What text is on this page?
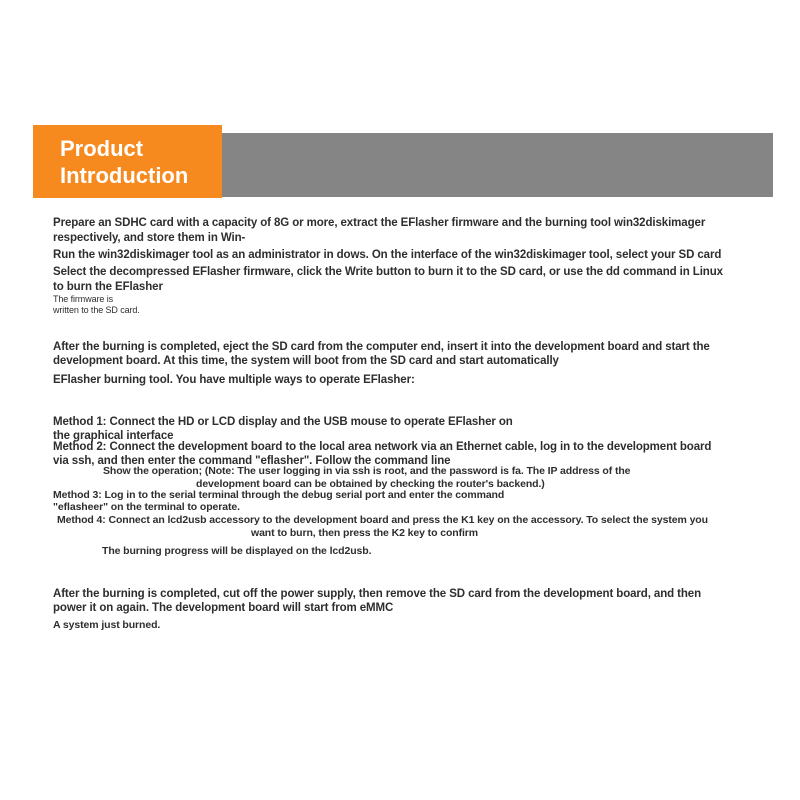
Product
Introduction

Prepare an SDHC card with a capacity of 8G or more, extract the EFlasher firmware and the burning tool win32diskimager

respectively, and store them in Win-

Run the win32diskimager tool as an administrator in dows. On the interface of the win32diskimager tool, select your SD card

Select the decompressed EFlasher firmware, click the Write button to burn it to the SD card, or use the dd command in Linux

to burn the EFlasher

The firmware is

written to the SD card.

After the burning is completed, eject the SD card from the computer end, insert it into the development board and start the

development board. At this time, the system will boot from the SD card and start automatically

EFlasher burning tool. You have multiple ways to operate EFlasher:

Method 1: Connect the HD or LCD display and the USB mouse to operate EFlasher on

the graphical interface

Method 2: Connect the development board to the local area network via an Ethernet cable, log in to the development board

via ssh, and then enter the command "eflasher". Follow the command line

Show the operation; (Note: The user logging in via ssh is root, and the password is fa. The IP address of the

development board can be obtained by checking the router's backend.)

Method 3: Log in to the serial terminal through the debug serial port and enter the command

"eflasheer" on the terminal to operate.

Method 4: Connect an lcd2usb accessory to the development board and press the K1 key on the accessory. To select the system you

want to burn, then press the K2 key to confirm

The burning progress will be displayed on the lcd2usb.

After the burning is completed, cut off the power supply, then remove the SD card from the development board, and then

power it on again. The development board will start from eMMC

A system just burned.
